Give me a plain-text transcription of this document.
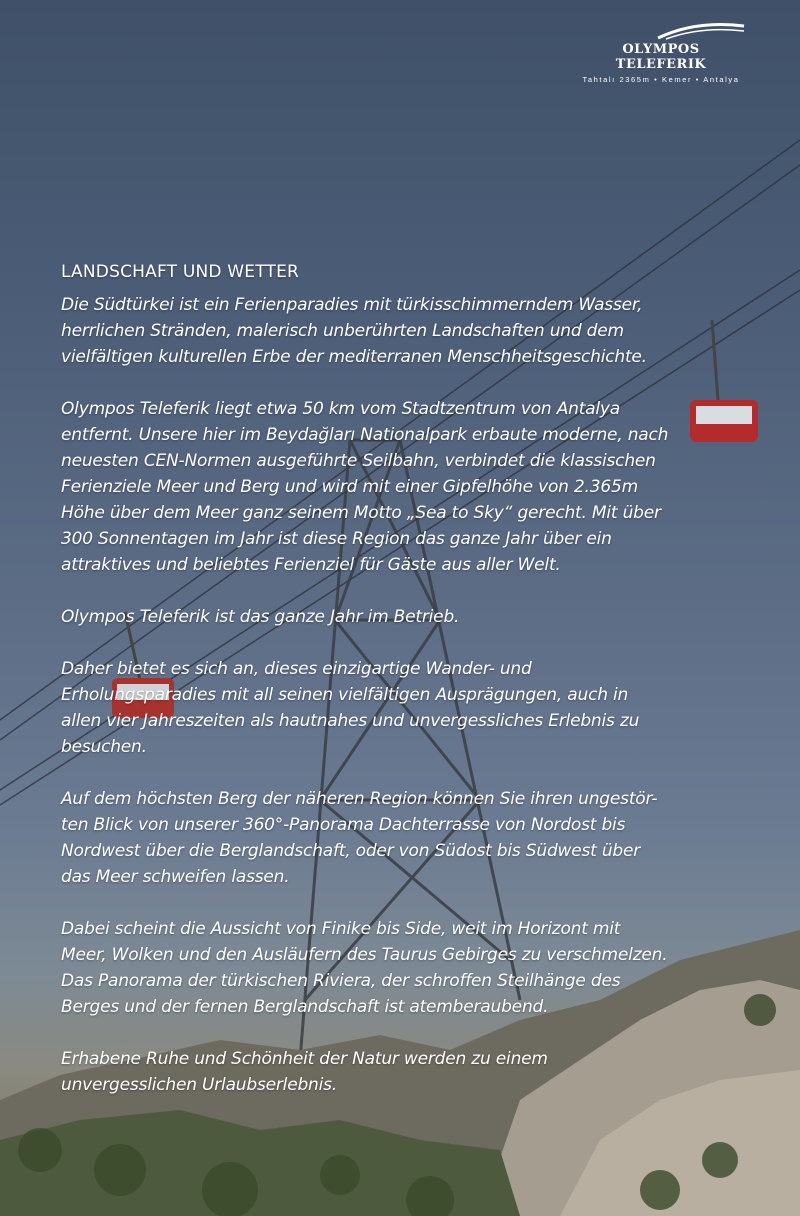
OLYMPOS TELEFERIK
Tahtalı 2365m • Kemer • Antalya
LANDSCHAFT UND WETTER

Die Südtürkei ist ein Ferienparadies mit türkisschimmerndem Wasser,
herrlichen Stränden, malerisch unberührten Landschaften und dem
vielfältigen kulturellen Erbe der mediterranen Menschheitsgeschichte.

Olympos Teleferik liegt etwa 50 km vom Stadtzentrum von Antalya
entfernt. Unsere hier im Beydağları Nationalpark erbaute moderne, nach
neuesten CEN-Normen ausgeführte Seilbahn, verbindet die klassischen
Ferienziele Meer und Berg und wird mit einer Gipfelhöhe von 2.365m
Höhe über dem Meer ganz seinem Motto „Sea to Sky“ gerecht. Mit über
300 Sonnentagen im Jahr ist diese Region das ganze Jahr über ein
attraktives und beliebtes Ferienziel für Gäste aus aller Welt.

Olympos Teleferik ist das ganze Jahr im Betrieb.

Daher bietet es sich an, dieses einzigartige Wander- und
Erholungsparadies mit all seinen vielfältigen Ausprägungen, auch in
allen vier Jahreszeiten als hautnahes und unvergessliches Erlebnis zu
besuchen.

Auf dem höchsten Berg der näheren Region können Sie ihren ungestör-
ten Blick von unserer 360°-Panorama Dachterrasse von Nordost bis
Nordwest über die Berglandschaft, oder von Südost bis Südwest über
das Meer schweifen lassen.

Dabei scheint die Aussicht von Finike bis Side, weit im Horizont mit
Meer, Wolken und den Ausläufern des Taurus Gebirges zu verschmelzen.
Das Panorama der türkischen Riviera, der schroffen Steilhänge des
Berges und der fernen Berglandschaft ist atemberaubend.

Erhabene Ruhe und Schönheit der Natur werden zu einem
unvergesslichen Urlaubserlebnis.
